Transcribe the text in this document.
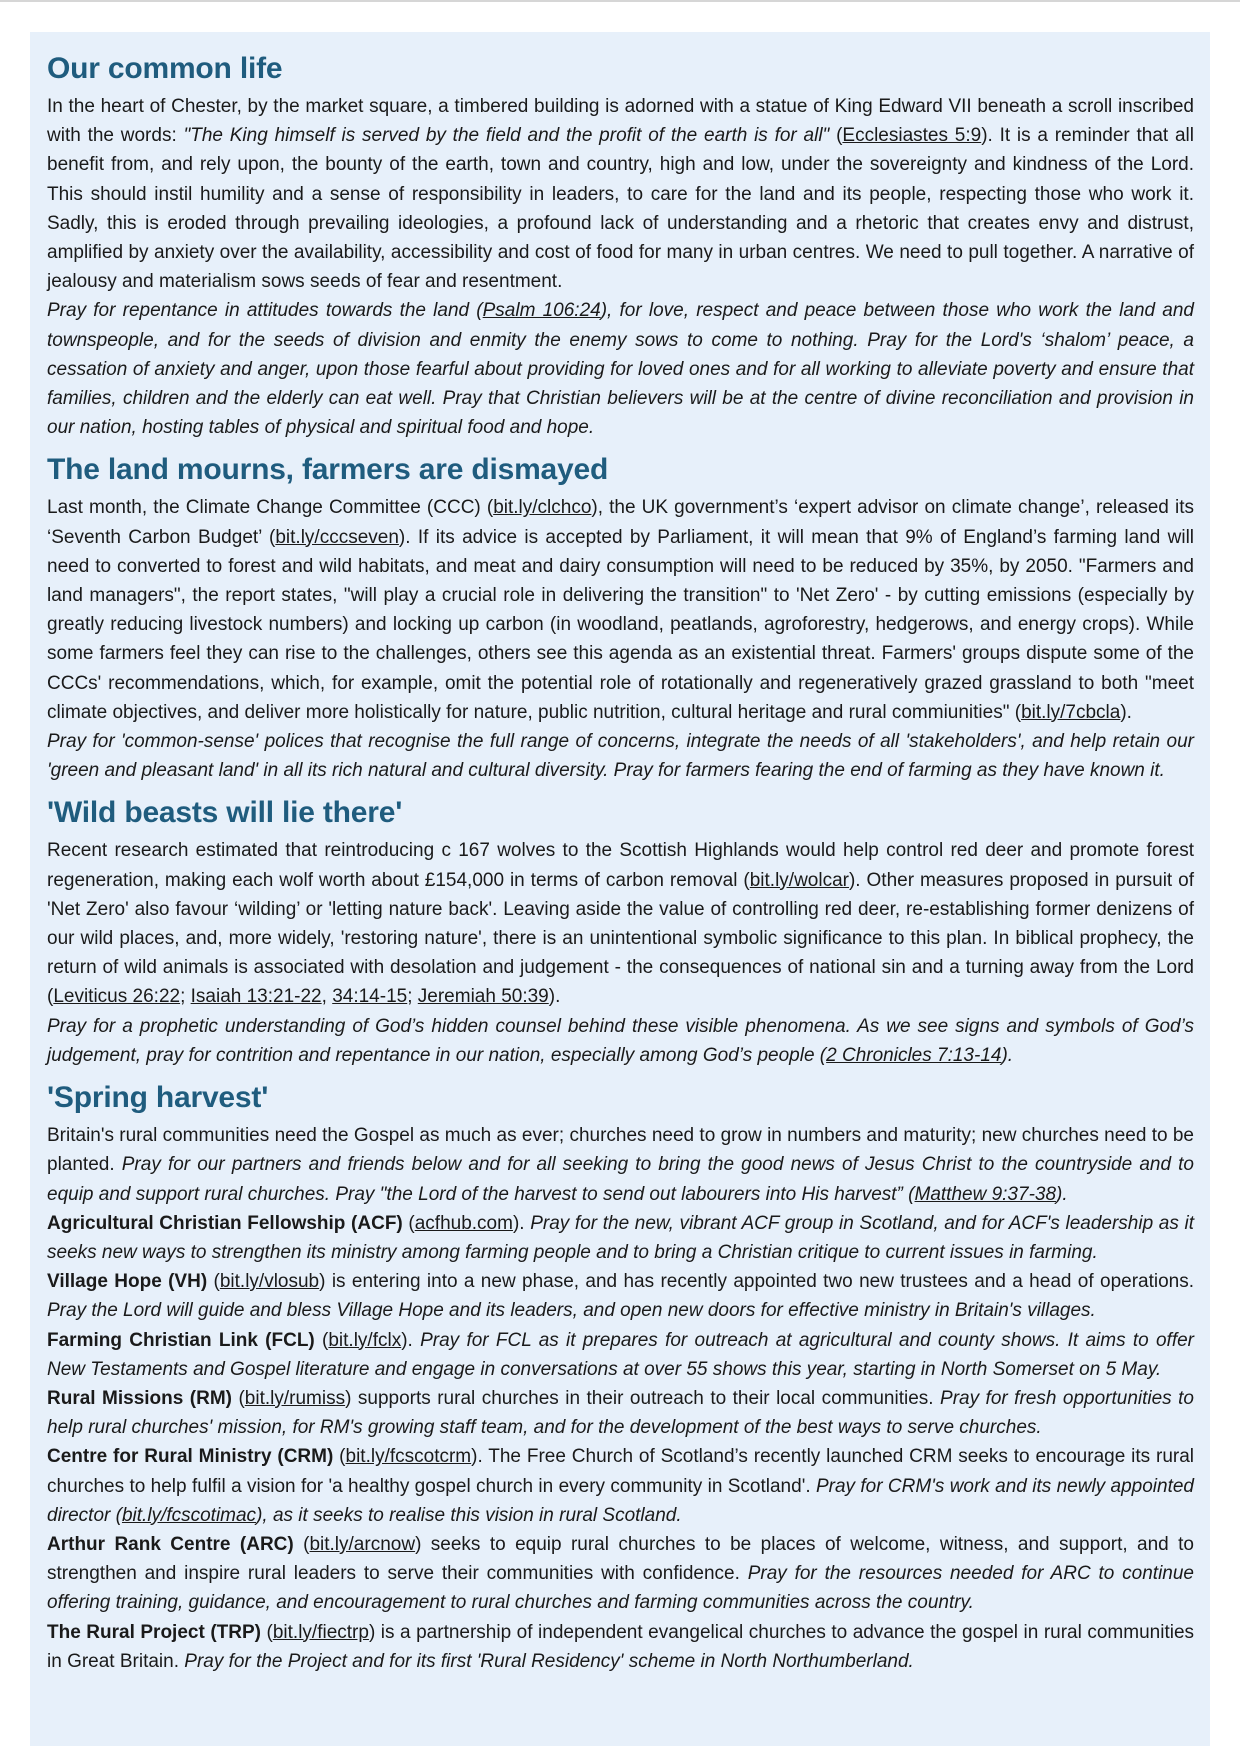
Our common life

In the heart of Chester, by the market square, a timbered building is adorned with a statue of King Edward VII beneath a scroll inscribed with the words: "The King himself is served by the field and the profit of the earth is for all" (Ecclesiastes 5:9). It is a reminder that all benefit from, and rely upon, the bounty of the earth, town and country, high and low, under the sovereignty and kindness of the Lord. This should instil humility and a sense of responsibility in leaders, to care for the land and its people, respecting those who work it. Sadly, this is eroded through prevailing ideologies, a profound lack of understanding and a rhetoric that creates envy and distrust, amplified by anxiety over the availability, accessibility and cost of food for many in urban centres. We need to pull together. A narrative of jealousy and materialism sows seeds of fear and resentment.

Pray for repentance in attitudes towards the land (Psalm 106:24), for love, respect and peace between those who work the land and townspeople, and for the seeds of division and enmity the enemy sows to come to nothing. Pray for the Lord's ‘shalom’ peace, a cessation of anxiety and anger, upon those fearful about providing for loved ones and for all working to alleviate poverty and ensure that families, children and the elderly can eat well. Pray that Christian believers will be at the centre of divine reconciliation and provision in our nation, hosting tables of physical and spiritual food and hope.

The land mourns, farmers are dismayed

Last month, the Climate Change Committee (CCC) (bit.ly/clchco), the UK government’s ‘expert advisor on climate change’, released its ‘Seventh Carbon Budget’ (bit.ly/cccseven). If its advice is accepted by Parliament, it will mean that 9% of England’s farming land will need to converted to forest and wild habitats, and meat and dairy consumption will need to be reduced by 35%, by 2050. "Farmers and land managers", the report states, "will play a crucial role in delivering the transition" to 'Net Zero' - by cutting emissions (especially by greatly reducing livestock numbers) and locking up carbon (in woodland, peatlands, agroforestry, hedgerows, and energy crops). While some farmers feel they can rise to the challenges, others see this agenda as an existential threat. Farmers' groups dispute some of the CCCs' recommendations, which, for example, omit the potential role of rotationally and regeneratively grazed grassland to both "meet climate objectives, and deliver more holistically for nature, public nutrition, cultural heritage and rural commiunities" (bit.ly/7cbcla).

Pray for 'common-sense' polices that recognise the full range of concerns, integrate the needs of all 'stakeholders', and help retain our 'green and pleasant land' in all its rich natural and cultural diversity. Pray for farmers fearing the end of farming as they have known it.

'Wild beasts will lie there'

Recent research estimated that reintroducing c 167 wolves to the Scottish Highlands would help control red deer and promote forest regeneration, making each wolf worth about £154,000 in terms of carbon removal (bit.ly/wolcar). Other measures proposed in pursuit of 'Net Zero' also favour ‘wilding’ or 'letting nature back'. Leaving aside the value of controlling red deer, re-establishing former denizens of our wild places, and, more widely, 'restoring nature', there is an unintentional symbolic significance to this plan. In biblical prophecy, the return of wild animals is associated with desolation and judgement - the consequences of national sin and a turning away from the Lord (Leviticus 26:22; Isaiah 13:21-22, 34:14-15; Jeremiah 50:39).

Pray for a prophetic understanding of God’s hidden counsel behind these visible phenomena. As we see signs and symbols of God’s judgement, pray for contrition and repentance in our nation, especially among God’s people (2 Chronicles 7:13-14).

'Spring harvest'

Britain's rural communities need the Gospel as much as ever; churches need to grow in numbers and maturity; new churches need to be planted. Pray for our partners and friends below and for all seeking to bring the good news of Jesus Christ to the countryside and to equip and support rural churches. Pray "the Lord of the harvest to send out labourers into His harvest” (Matthew 9:37-38).

Agricultural Christian Fellowship (ACF) (acfhub.com). Pray for the new, vibrant ACF group in Scotland, and for ACF's leadership as it seeks new ways to strengthen its ministry among farming people and to bring a Christian critique to current issues in farming.

Village Hope (VH) (bit.ly/vlosub) is entering into a new phase, and has recently appointed two new trustees and a head of operations. Pray the Lord will guide and bless Village Hope and its leaders, and open new doors for effective ministry in Britain's villages.

Farming Christian Link (FCL) (bit.ly/fclx). Pray for FCL as it prepares for outreach at agricultural and county shows. It aims to offer New Testaments and Gospel literature and engage in conversations at over 55 shows this year, starting in North Somerset on 5 May.

Rural Missions (RM) (bit.ly/rumiss) supports rural churches in their outreach to their local communities. Pray for fresh opportunities to help rural churches' mission, for RM's growing staff team, and for the development of the best ways to serve churches.

Centre for Rural Ministry (CRM) (bit.ly/fcscotcrm). The Free Church of Scotland’s recently launched CRM seeks to encourage its rural churches to help fulfil a vision for 'a healthy gospel church in every community in Scotland'. Pray for CRM's work and its newly appointed director (bit.ly/fcscotimac), as it seeks to realise this vision in rural Scotland.

Arthur Rank Centre (ARC) (bit.ly/arcnow) seeks to equip rural churches to be places of welcome, witness, and support, and to strengthen and inspire rural leaders to serve their communities with confidence. Pray for the resources needed for ARC to continue offering training, guidance, and encouragement to rural churches and farming communities across the country.

The Rural Project (TRP) (bit.ly/fiectrp) is a partnership of independent evangelical churches to advance the gospel in rural communities in Great Britain. Pray for the Project and for its first 'Rural Residency' scheme in North Northumberland.
